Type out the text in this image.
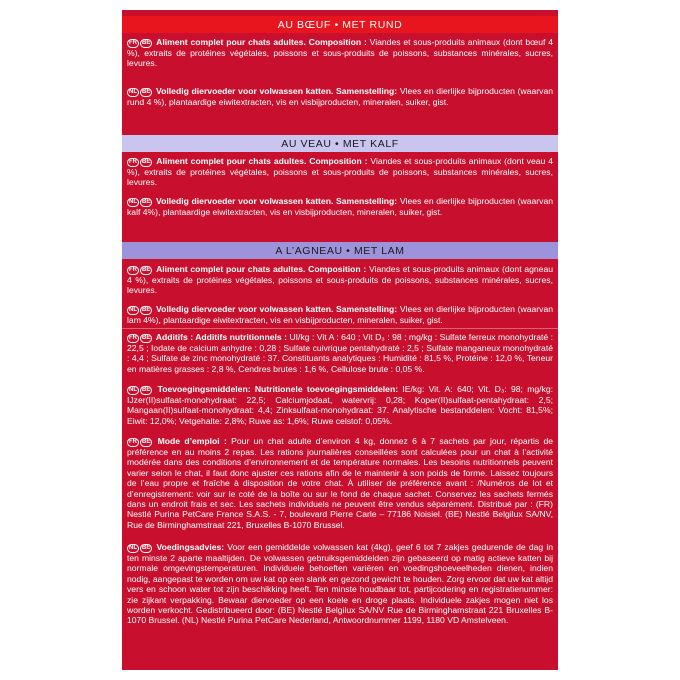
AU BŒUF • MET RUND

FR BE Aliment complet pour chats adultes. Composition : Viandes et sous-produits animaux (dont bœuf 4 %), extraits de protéines végétales, poissons et sous-produits de poissons, substances minérales, sucres, levures.

NL BE Volledig diervoeder voor volwassen katten. Samenstelling: Vlees en dierlijke bijproducten (waarvan rund 4 %), plantaardige eiwitextracten, vis en visbijproducten, mineralen, suiker, gist.

AU VEAU • MET KALF

FR BE Aliment complet pour chats adultes. Composition : Viandes et sous-produits animaux (dont veau 4 %), extraits de protéines végétales, poissons et sous-produits de poissons, substances minérales, sucres, levures.

NL BE Volledig diervoeder voor volwassen katten. Samenstelling: Vlees en dierlijke bijproducten (waarvan kalf 4%), plantaardige eiwitextracten, vis en visbijproducten, mineralen, suiker, gist.

A L’AGNEAU • MET LAM

FR BE Aliment complet pour chats adultes. Composition : Viandes et sous-produits animaux (dont agneau 4 %), extraits de protéines végétales, poissons et sous-produits de poissons, substances minérales, sucres, levures.

NL BE Volledig diervoeder voor volwassen katten. Samenstelling: Vlees en dierlijke bijproducten (waarvan lam 4%), plantaardige eiwitextracten, vis en visbijproducten, mineralen, suiker, gist.

FR BE Additifs : Additifs nutritionnels : UI/kg : Vit A : 640 ; Vit D₃ : 98 ; mg/kg : Sulfate ferreux monohydraté : 22,5 ; Iodate de calcium anhydre : 0,28 ; Sulfate cuivrique pentahydraté : 2,5 ; Sulfate manganeux monohydraté : 4,4 ; Sulfate de zinc monohydraté : 37. Constituants analytiques : Humidité : 81,5 %, Protéine : 12,0 %, Teneur en matières grasses : 2,8 %, Cendres brutes : 1,6 %, Cellulose brute : 0,05 %.

NL BE Toevoegingsmiddelen: Nutritionele toevoegingsmiddelen: IE/kg: Vit. A: 640; Vit. D₃: 98; mg/kg: IJzer(II)sulfaat-monohydraat: 22,5; Calciumjodaat, watervrij: 0,28; Koper(II)sulfaat-pentahydraat: 2,5; Mangaan(II)sulfaat-monohydraat: 4,4; Zinksulfaat-monohydraat: 37. Analytische bestanddelen: Vocht: 81,5%; Eiwit: 12,0%; Vetgehalte: 2,8%; Ruwe as: 1,6%; Ruwe celstof: 0,05%.

FR BE Mode d’emploi : Pour un chat adulte d’environ 4 kg, donnez 6 à 7 sachets par jour, répartis de préférence en au moins 2 repas. Les rations journalières conseillées sont calculées pour un chat à l’activité modérée dans des conditions d’environnement et de température normales. Les besoins nutritionnels peuvent varier selon le chat, il faut donc ajuster ces rations afin de le maintenir à son poids de forme. Laissez toujours de l’eau propre et fraîche à disposition de votre chat. À utiliser de préférence avant : /Numéros de lot et d’enregistrement: voir sur le coté de la boîte ou sur le fond de chaque sachet. Conservez les sachets fermés dans un endroit frais et sec. Les sachets individuels ne peuvent être vendus séparément. Distribué par : (FR) Nestlé Purina PetCare France S.A.S. - 7, boulevard Pierre Carle – 77186 Noisiel. (BE) Nestlé Belgilux SA/NV, Rue de Birminghamstraat 221, Bruxelles B-1070 Brussel.

NL BE Voedingsadvies: Voor een gemiddelde volwassen kat (4kg), geef 6 tot 7 zakjes gedurende de dag in ten minste 2 aparte maaltijden. De volwassen gebruiksgemiddelden zijn gebaseerd op matig actieve katten bij normale omgevingstemperaturen. Individuele behoeften variëren en voedingshoeveelheden dienen, indien nodig, aangepast te worden om uw kat op een slank en gezond gewicht te houden. Zorg ervoor dat uw kat altijd vers en schoon water tot zijn beschikking heeft. Ten minste houdbaar tot, partijcodering en registratienummer: zie zijkant verpakking. Bewaar diervoeder op een koele en droge plaats. Individuele zakjes mogen niet los worden verkocht. Gedistribueerd door: (BE) Nestlé Belgilux SA/NV Rue de Birminghamstraat 221 Bruxelles B-1070 Brussel. (NL) Nestlé Purina PetCare Nederland, Antwoordnummer 1199, 1180 VD Amstelveen.
